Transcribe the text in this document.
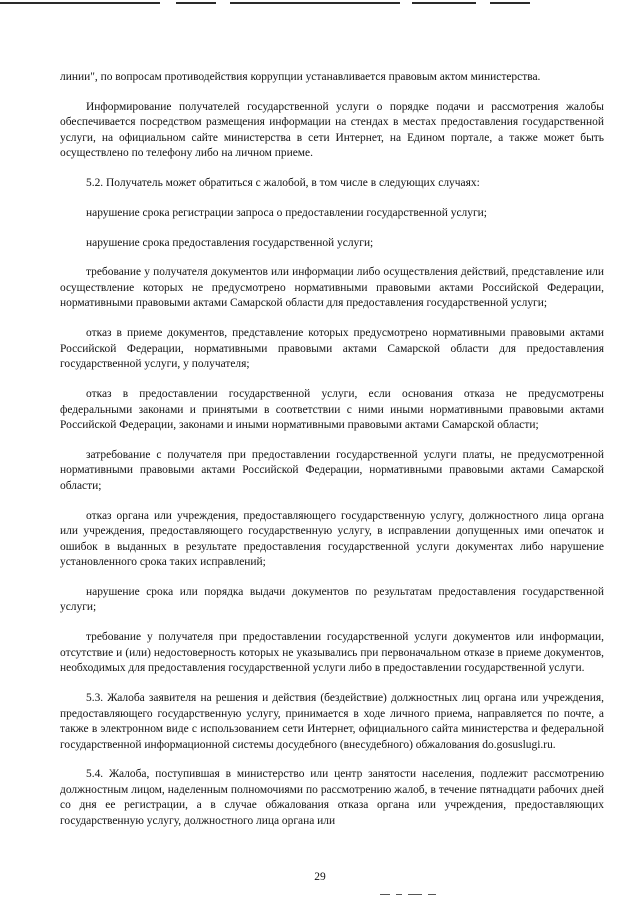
линии", по вопросам противодействия коррупции устанавливается правовым актом министерства.

Информирование получателей государственной услуги о порядке подачи и рассмотрения жалобы обеспечивается посредством размещения информации на стендах в местах предоставления государственной услуги, на официальном сайте министерства в сети Интернет, на Едином портале, а также может быть осуществлено по телефону либо на личном приеме.

5.2. Получатель может обратиться с жалобой, в том числе в следующих случаях:

нарушение срока регистрации запроса о предоставлении государственной услуги;

нарушение срока предоставления государственной услуги;

требование у получателя документов или информации либо осуществления действий, представление или осуществление которых не предусмотрено нормативными правовыми актами Российской Федерации, нормативными правовыми актами Самарской области для предоставления государственной услуги;

отказ в приеме документов, представление которых предусмотрено нормативными правовыми актами Российской Федерации, нормативными правовыми актами Самарской области для предоставления государственной услуги, у получателя;

отказ в предоставлении государственной услуги, если основания отказа не предусмотрены федеральными законами и принятыми в соответствии с ними иными нормативными правовыми актами Российской Федерации, законами и иными нормативными правовыми актами Самарской области;

затребование с получателя при предоставлении государственной услуги платы, не предусмотренной нормативными правовыми актами Российской Федерации, нормативными правовыми актами Самарской области;

отказ органа или учреждения, предоставляющего государственную услугу, должностного лица органа или учреждения, предоставляющего государственную услугу, в исправлении допущенных ими опечаток и ошибок в выданных в результате предоставления государственной услуги документах либо нарушение установленного срока таких исправлений;

нарушение срока или порядка выдачи документов по результатам предоставления государственной услуги;

требование у получателя при предоставлении государственной услуги документов или информации, отсутствие и (или) недостоверность которых не указывались при первоначальном отказе в приеме документов, необходимых для предоставления государственной услуги либо в предоставлении государственной услуги.

5.3. Жалоба заявителя на решения и действия (бездействие) должностных лиц органа или учреждения, предоставляющего государственную услугу, принимается в ходе личного приема, направляется по почте, а также в электронном виде с использованием сети Интернет, официального сайта министерства и федеральной государственной информационной системы досудебного (внесудебного) обжалования do.gosuslugi.ru.

5.4. Жалоба, поступившая в министерство или центр занятости населения, подлежит рассмотрению должностным лицом, наделенным полномочиями по рассмотрению жалоб, в течение пятнадцати рабочих дней со дня ее регистрации, а в случае обжалования отказа органа или учреждения, предоставляющих государственную услугу, должностного лица органа или

29
